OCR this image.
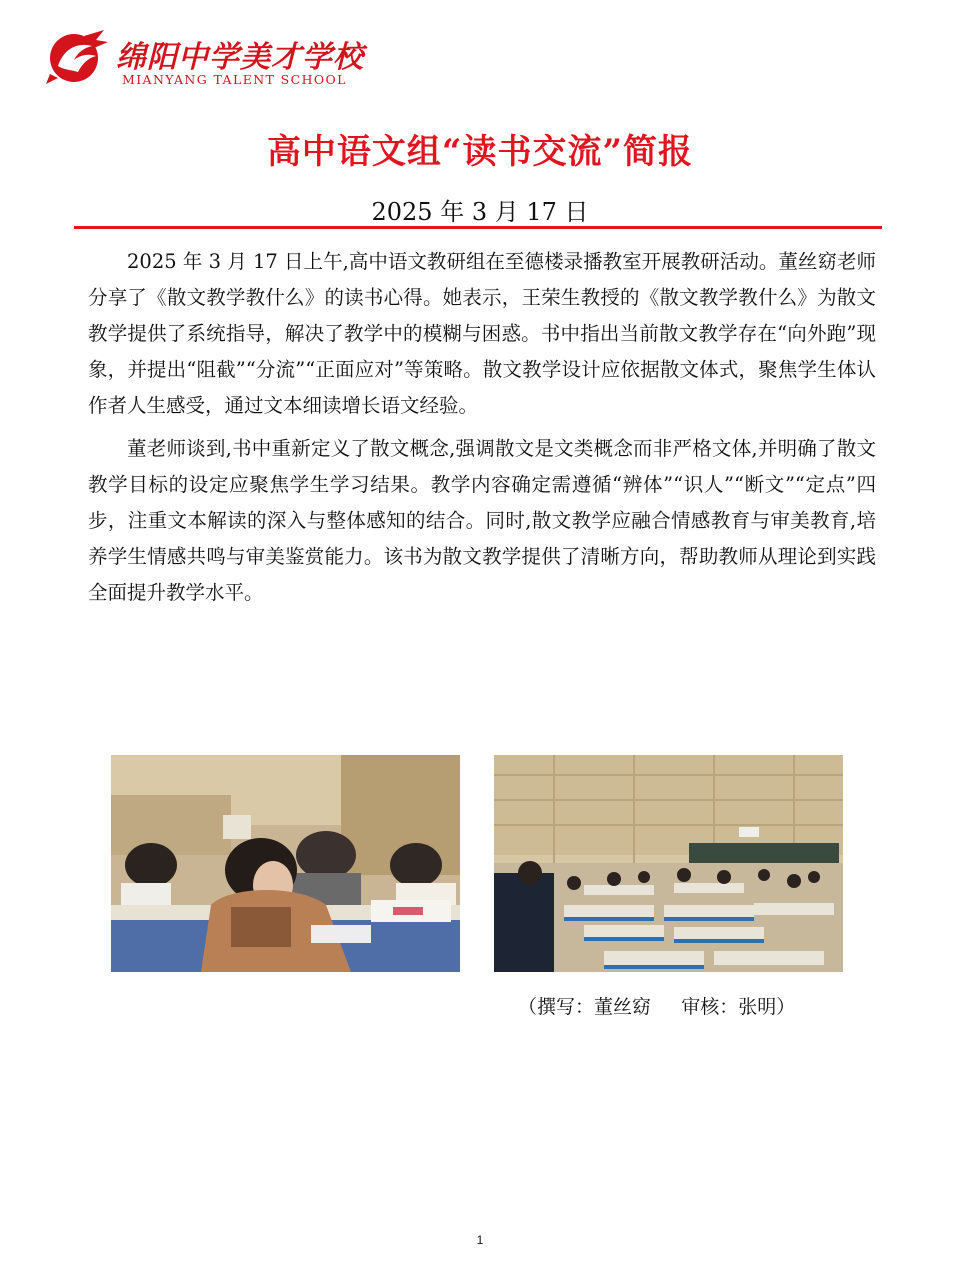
绵阳中学美才学校
MIANYANG TALENT SCHOOL
高中语文组“读书交流”简报
2025 年 3 月 17 日

2025 年 3 月 17 日上午,高中语文教研组在至德楼录播教室开展教研活动。董丝窈老师分享了《散文教学教什么》的读书心得。她表示，王荣生教授的《散文教学教什么》为散文教学提供了系统指导，解决了教学中的模糊与困惑。书中指出当前散文教学存在“向外跑”现象，并提出“阻截”“分流”“正面应对”等策略。散文教学设计应依据散文体式，聚焦学生体认作者人生感受，通过文本细读增长语文经验。

董老师谈到,书中重新定义了散文概念,强调散文是文类概念而非严格文体,并明确了散文教学目标的设定应聚焦学生学习结果。教学内容确定需遵循“辨体”“识人”“断文”“定点”四步，注重文本解读的深入与整体感知的结合。同时,散文教学应融合情感教育与审美教育,培养学生情感共鸣与审美鉴赏能力。该书为散文教学提供了清晰方向，帮助教师从理论到实践全面提升教学水平。

（撰写：董丝窈     审核：张明）
1
